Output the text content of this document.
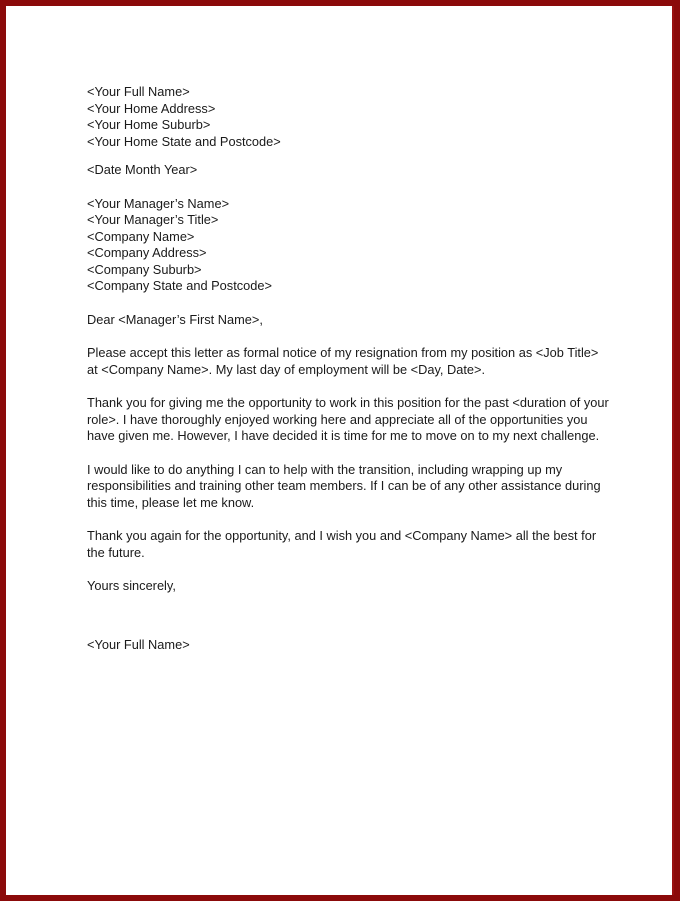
<Your Full Name>
<Your Home Address>
<Your Home Suburb>
<Your Home State and Postcode>
<Date Month Year>
<Your Manager’s Name>
<Your Manager’s Title>
<Company Name>
<Company Address>
<Company Suburb>
<Company State and Postcode>
Dear <Manager’s First Name>,
Please accept this letter as formal notice of my resignation from my position as <Job Title>
at <Company Name>. My last day of employment will be <Day, Date>.
Thank you for giving me the opportunity to work in this position for the past <duration of your
role>. I have thoroughly enjoyed working here and appreciate all of the opportunities you
have given me. However, I have decided it is time for me to move on to my next challenge.
I would like to do anything I can to help with the transition, including wrapping up my
responsibilities and training other team members. If I can be of any other assistance during
this time, please let me know.
Thank you again for the opportunity, and I wish you and <Company Name> all the best for
the future.
Yours sincerely,
<Your Full Name>
